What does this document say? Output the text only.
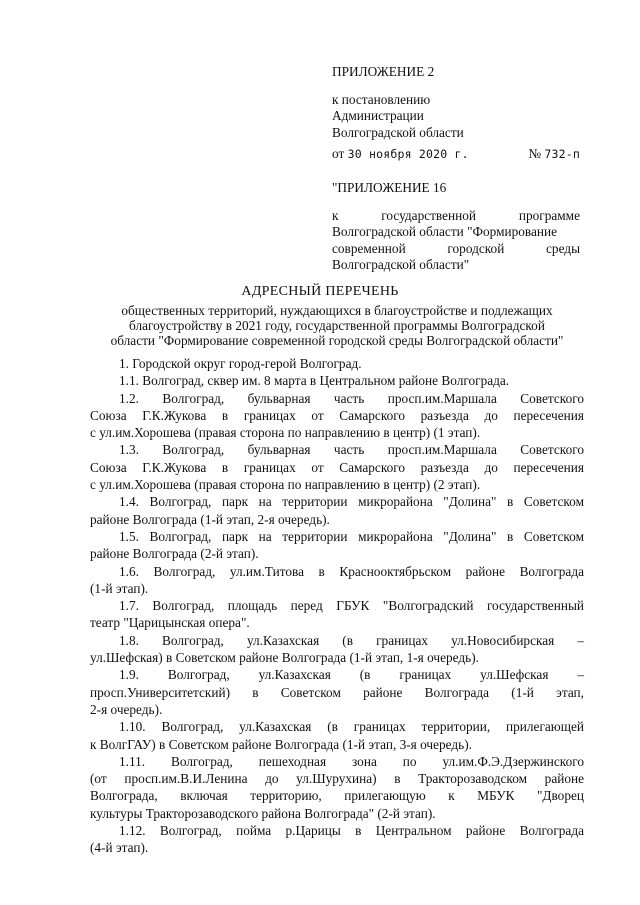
ПРИЛОЖЕНИЕ 2
к постановлению
Администрации
Волгоградской области
от 30 ноября 2020 г.	№ 732-п
"ПРИЛОЖЕНИЕ 16
к государственной программе
Волгоградской области "Формирование
современной городской среды
Волгоградской области"
АДРЕСНЫЙ ПЕРЕЧЕНЬ
общественных территорий, нуждающихся в благоустройстве и подлежащих
благоустройству в 2021 году, государственной программы Волгоградской
области "Формирование современной городской среды Волгоградской области"
1. Городской округ город-герой Волгоград.
1.1. Волгоград, сквер им. 8 марта в Центральном районе Волгограда.
1.2. Волгоград, бульварная часть просп.им.Маршала Советского
Союза Г.К.Жукова в границах от Самарского разъезда до пересечения
с ул.им.Хорошева (правая сторона по направлению в центр) (1 этап).
1.3. Волгоград, бульварная часть просп.им.Маршала Советского
Союза Г.К.Жукова в границах от Самарского разъезда до пересечения
с ул.им.Хорошева (правая сторона по направлению в центр) (2 этап).
1.4. Волгоград, парк на территории микрорайона "Долина" в Советском
районе Волгограда (1-й этап, 2-я очередь).
1.5. Волгоград, парк на территории микрорайона "Долина" в Советском
районе Волгограда (2-й этап).
1.6. Волгоград, ул.им.Титова в Краснооктябрьском районе Волгограда
(1-й этап).
1.7. Волгоград, площадь перед ГБУК "Волгоградский государственный
театр "Царицынская опера".
1.8. Волгоград, ул.Казахская (в границах ул.Новосибирская –
ул.Шефская) в Советском районе Волгограда (1-й этап, 1-я очередь).
1.9. Волгоград, ул.Казахская (в границах ул.Шефская –
просп.Университетский) в Советском районе Волгограда (1-й этап,
2-я очередь).
1.10. Волгоград, ул.Казахская (в границах территории, прилегающей
к ВолгГАУ) в Советском районе Волгограда (1-й этап, 3-я очередь).
1.11. Волгоград, пешеходная зона по ул.им.Ф.Э.Дзержинского
(от просп.им.В.И.Ленина до ул.Шурухина) в Тракторозаводском районе
Волгограда, включая территорию, прилегающую к МБУК "Дворец
культуры Тракторозаводского района Волгограда" (2-й этап).
1.12. Волгоград, пойма р.Царицы в Центральном районе Волгограда
(4-й этап).
